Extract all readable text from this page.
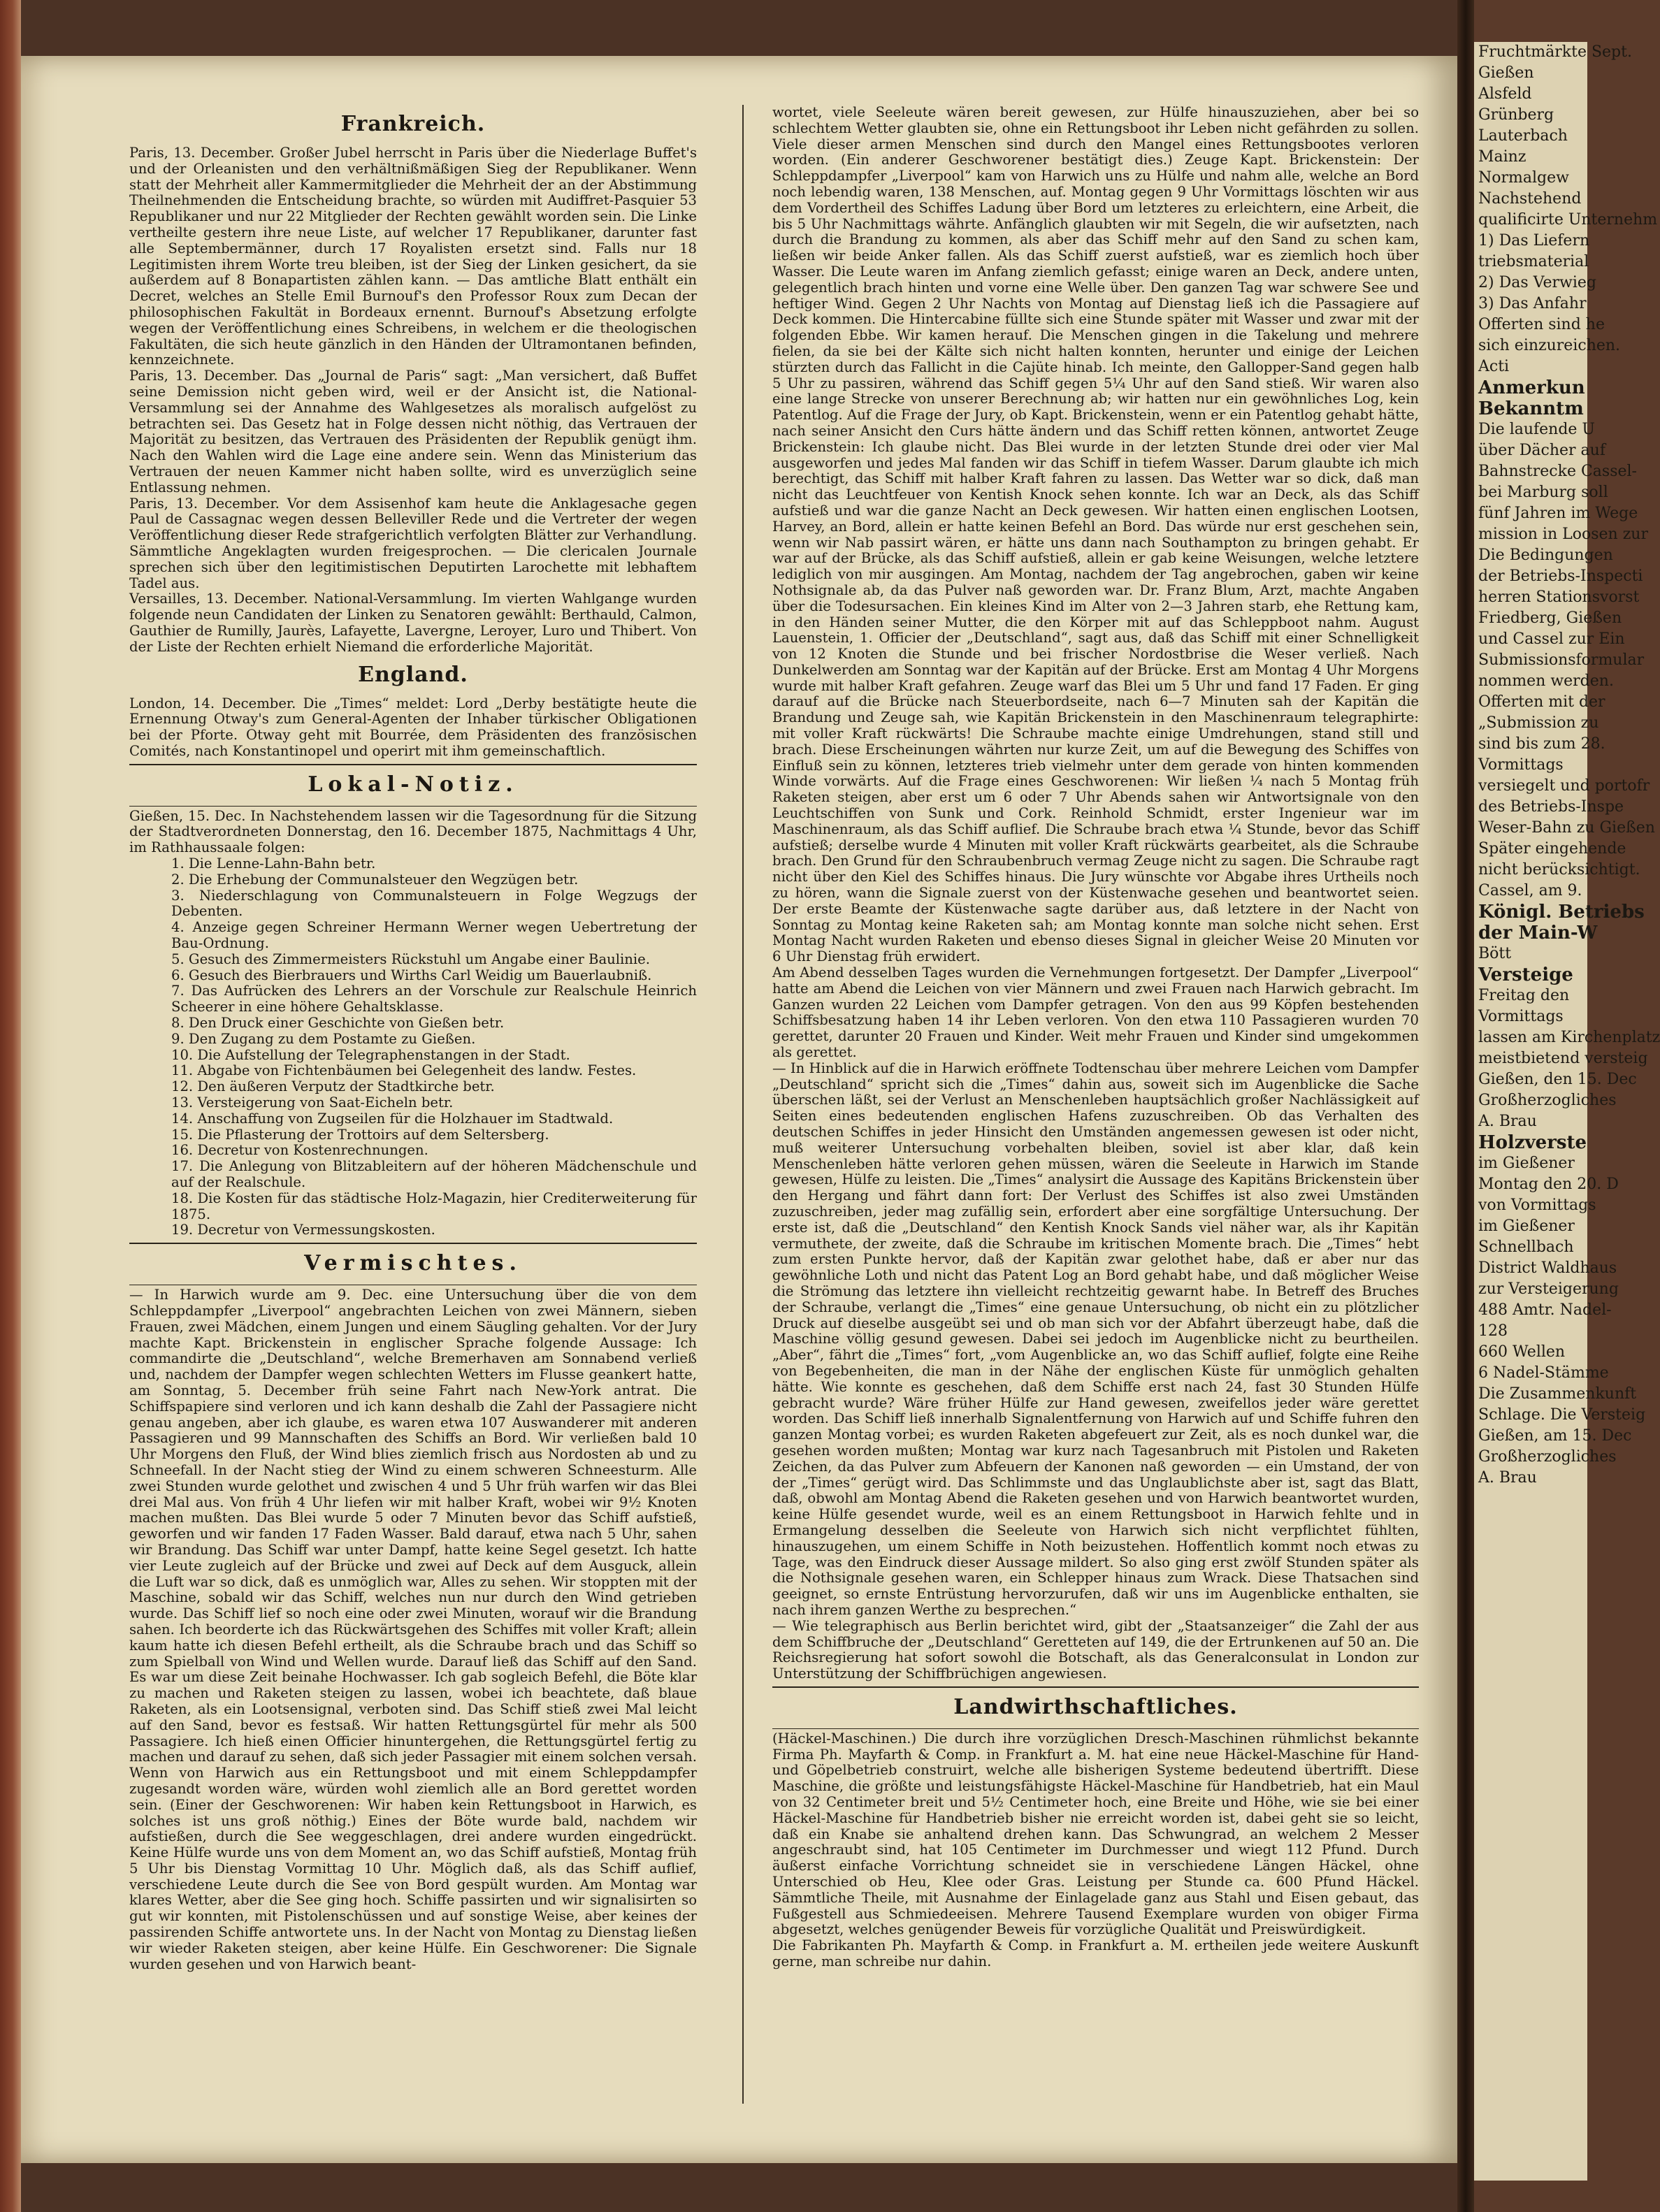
Frankreich.

Paris, 13. December. Großer Jubel herrscht in Paris über die Niederlage Buffet's und der Orleanisten und den verhältnißmäßigen Sieg der Republikaner. Wenn statt der Mehrheit aller Kammermitglieder die Mehrheit der an der Abstimmung Theilnehmenden die Entscheidung brachte, so würden mit Audiffret-Pasquier 53 Republikaner und nur 22 Mitglieder der Rechten gewählt worden sein. Die Linke vertheilte gestern ihre neue Liste, auf welcher 17 Republikaner, darunter fast alle Septembermänner, durch 17 Royalisten ersetzt sind. Falls nur 18 Legitimisten ihrem Worte treu bleiben, ist der Sieg der Linken gesichert, da sie außerdem auf 8 Bonapartisten zählen kann. — Das amtliche Blatt enthält ein Decret, welches an Stelle Emil Burnouf's den Professor Roux zum Decan der philosophischen Fakultät in Bordeaux ernennt. Burnouf's Absetzung erfolgte wegen der Veröffentlichung eines Schreibens, in welchem er die theologischen Fakultäten, die sich heute gänzlich in den Händen der Ultramontanen befinden, kennzeichnete.

Paris, 13. December. Das „Journal de Paris“ sagt: „Man versichert, daß Buffet seine Demission nicht geben wird, weil er der Ansicht ist, die National-Versammlung sei der Annahme des Wahlgesetzes als moralisch aufgelöst zu betrachten sei. Das Gesetz hat in Folge dessen nicht nöthig, das Vertrauen der Majorität zu besitzen, das Vertrauen des Präsidenten der Republik genügt ihm. Nach den Wahlen wird die Lage eine andere sein. Wenn das Ministerium das Vertrauen der neuen Kammer nicht haben sollte, wird es unverzüglich seine Entlassung nehmen.

Paris, 13. December. Vor dem Assisenhof kam heute die Anklagesache gegen Paul de Cassagnac wegen dessen Belleviller Rede und die Vertreter der wegen Veröffentlichung dieser Rede strafgerichtlich verfolgten Blätter zur Verhandlung. Sämmtliche Angeklagten wurden freigesprochen. — Die clericalen Journale sprechen sich über den legitimistischen Deputirten Larochette mit lebhaftem Tadel aus.

Versailles, 13. December. National-Versammlung. Im vierten Wahlgange wurden folgende neun Candidaten der Linken zu Senatoren gewählt: Berthauld, Calmon, Gauthier de Rumilly, Jaurès, Lafayette, Lavergne, Leroyer, Luro und Thibert. Von der Liste der Rechten erhielt Niemand die erforderliche Majorität.

England.

London, 14. December. Die „Times“ meldet: Lord „Derby bestätigte heute die Ernennung Otway's zum General-Agenten der Inhaber türkischer Obligationen bei der Pforte. Otway geht mit Bourrée, dem Präsidenten des französischen Comités, nach Konstantinopel und operirt mit ihm gemeinschaftlich.

Lokal-Notiz.

Gießen, 15. Dec. In Nachstehendem lassen wir die Tagesordnung für die Sitzung der Stadtverordneten Donnerstag, den 16. December 1875, Nachmittags 4 Uhr, im Rathhaussaale folgen:

1. Die Lenne-Lahn-Bahn betr.
2. Die Erhebung der Communalsteuer den Wegzügen betr.
3. Niederschlagung von Communalsteuern in Folge Wegzugs der Debenten.
4. Anzeige gegen Schreiner Hermann Werner wegen Uebertretung der Bau-Ordnung.
5. Gesuch des Zimmermeisters Rückstuhl um Angabe einer Baulinie.
6. Gesuch des Bierbrauers und Wirths Carl Weidig um Bauerlaubniß.
7. Das Aufrücken des Lehrers an der Vorschule zur Realschule Heinrich Scheerer in eine höhere Gehaltsklasse.
8. Den Druck einer Geschichte von Gießen betr.
9. Den Zugang zu dem Postamte zu Gießen.
10. Die Aufstellung der Telegraphenstangen in der Stadt.
11. Abgabe von Fichtenbäumen bei Gelegenheit des landw. Festes.
12. Den äußeren Verputz der Stadtkirche betr.
13. Versteigerung von Saat-Eicheln betr.
14. Anschaffung von Zugseilen für die Holzhauer im Stadtwald.
15. Die Pflasterung der Trottoirs auf dem Seltersberg.
16. Decretur von Kostenrechnungen.
17. Die Anlegung von Blitzableitern auf der höheren Mädchenschule und auf der Realschule.
18. Die Kosten für das städtische Holz-Magazin, hier Crediterweiterung für 1875.
19. Decretur von Vermessungskosten.
Vermischtes.

— In Harwich wurde am 9. Dec. eine Untersuchung über die von dem Schleppdampfer „Liverpool“ angebrachten Leichen von zwei Männern, sieben Frauen, zwei Mädchen, einem Jungen und einem Säugling gehalten. Vor der Jury machte Kapt. Brickenstein in englischer Sprache folgende Aussage: Ich commandirte die „Deutschland“, welche Bremerhaven am Sonnabend verließ und, nachdem der Dampfer wegen schlechten Wetters im Flusse geankert hatte, am Sonntag, 5. December früh seine Fahrt nach New-York antrat. Die Schiffspapiere sind verloren und ich kann deshalb die Zahl der Passagiere nicht genau angeben, aber ich glaube, es waren etwa 107 Auswanderer mit anderen Passagieren und 99 Mannschaften des Schiffs an Bord. Wir verließen bald 10 Uhr Morgens den Fluß, der Wind blies ziemlich frisch aus Nordosten ab und zu Schneefall. In der Nacht stieg der Wind zu einem schweren Schneesturm. Alle zwei Stunden wurde gelothet und zwischen 4 und 5 Uhr früh warfen wir das Blei drei Mal aus. Von früh 4 Uhr liefen wir mit halber Kraft, wobei wir 9½ Knoten machen mußten. Das Blei wurde 5 oder 7 Minuten bevor das Schiff aufstieß, geworfen und wir fanden 17 Faden Wasser. Bald darauf, etwa nach 5 Uhr, sahen wir Brandung. Das Schiff war unter Dampf, hatte keine Segel gesetzt. Ich hatte vier Leute zugleich auf der Brücke und zwei auf Deck auf dem Ausguck, allein die Luft war so dick, daß es unmöglich war, Alles zu sehen. Wir stoppten mit der Maschine, sobald wir das Schiff, welches nun nur durch den Wind getrieben wurde. Das Schiff lief so noch eine oder zwei Minuten, worauf wir die Brandung sahen. Ich beorderte ich das Rückwärtsgehen des Schiffes mit voller Kraft; allein kaum hatte ich diesen Befehl ertheilt, als die Schraube brach und das Schiff so zum Spielball von Wind und Wellen wurde. Darauf ließ das Schiff auf den Sand. Es war um diese Zeit beinahe Hochwasser. Ich gab sogleich Befehl, die Böte klar zu machen und Raketen steigen zu lassen, wobei ich beachtete, daß blaue Raketen, als ein Lootsensignal, verboten sind. Das Schiff stieß zwei Mal leicht auf den Sand, bevor es festsaß. Wir hatten Rettungsgürtel für mehr als 500 Passagiere. Ich hieß einen Officier hinuntergehen, die Rettungsgürtel fertig zu machen und darauf zu sehen, daß sich jeder Passagier mit einem solchen versah. Wenn von Harwich aus ein Rettungsboot und mit einem Schleppdampfer zugesandt worden wäre, würden wohl ziemlich alle an Bord gerettet worden sein. (Einer der Geschworenen: Wir haben kein Rettungsboot in Harwich, es solches ist uns groß nöthig.) Eines der Böte wurde bald, nachdem wir aufstießen, durch die See weggeschlagen, drei andere wurden eingedrückt. Keine Hülfe wurde uns von dem Moment an, wo das Schiff aufstieß, Montag früh 5 Uhr bis Dienstag Vormittag 10 Uhr. Möglich daß, als das Schiff auflief, verschiedene Leute durch die See von Bord gespült wurden. Am Montag war klares Wetter, aber die See ging hoch. Schiffe passirten und wir signalisirten so gut wir konnten, mit Pistolenschüssen und auf sonstige Weise, aber keines der passirenden Schiffe antwortete uns. In der Nacht von Montag zu Dienstag ließen wir wieder Raketen steigen, aber keine Hülfe. Ein Geschworener: Die Signale wurden gesehen und von Harwich beant-

wortet, viele Seeleute wären bereit gewesen, zur Hülfe hinauszuziehen, aber bei so schlechtem Wetter glaubten sie, ohne ein Rettungsboot ihr Leben nicht gefährden zu sollen. Viele dieser armen Menschen sind durch den Mangel eines Rettungsbootes verloren worden. (Ein anderer Geschworener bestätigt dies.) Zeuge Kapt. Brickenstein: Der Schleppdampfer „Liverpool“ kam von Harwich uns zu Hülfe und nahm alle, welche an Bord noch lebendig waren, 138 Menschen, auf. Montag gegen 9 Uhr Vormittags löschten wir aus dem Vordertheil des Schiffes Ladung über Bord um letzteres zu erleichtern, eine Arbeit, die bis 5 Uhr Nachmittags währte. Anfänglich glaubten wir mit Segeln, die wir aufsetzten, nach durch die Brandung zu kommen, als aber das Schiff mehr auf den Sand zu schen kam, ließen wir beide Anker fallen. Als das Schiff zuerst aufstieß, war es ziemlich hoch über Wasser. Die Leute waren im Anfang ziemlich gefasst; einige waren an Deck, andere unten, gelegentlich brach hinten und vorne eine Welle über. Den ganzen Tag war schwere See und heftiger Wind. Gegen 2 Uhr Nachts von Montag auf Dienstag ließ ich die Passagiere auf Deck kommen. Die Hintercabine füllte sich eine Stunde später mit Wasser und zwar mit der folgenden Ebbe. Wir kamen herauf. Die Menschen gingen in die Takelung und mehrere fielen, da sie bei der Kälte sich nicht halten konnten, herunter und einige der Leichen stürzten durch das Fallicht in die Cajüte hinab. Ich meinte, den Gallopper-Sand gegen halb 5 Uhr zu passiren, während das Schiff gegen 5¼ Uhr auf den Sand stieß. Wir waren also eine lange Strecke von unserer Berechnung ab; wir hatten nur ein gewöhnliches Log, kein Patentlog. Auf die Frage der Jury, ob Kapt. Brickenstein, wenn er ein Patentlog gehabt hätte, nach seiner Ansicht den Curs hätte ändern und das Schiff retten können, antwortet Zeuge Brickenstein: Ich glaube nicht. Das Blei wurde in der letzten Stunde drei oder vier Mal ausgeworfen und jedes Mal fanden wir das Schiff in tiefem Wasser. Darum glaubte ich mich berechtigt, das Schiff mit halber Kraft fahren zu lassen. Das Wetter war so dick, daß man nicht das Leuchtfeuer von Kentish Knock sehen konnte. Ich war an Deck, als das Schiff aufstieß und war die ganze Nacht an Deck gewesen. Wir hatten einen englischen Lootsen, Harvey, an Bord, allein er hatte keinen Befehl an Bord. Das würde nur erst geschehen sein, wenn wir Nab passirt wären, er hätte uns dann nach Southampton zu bringen gehabt. Er war auf der Brücke, als das Schiff aufstieß, allein er gab keine Weisungen, welche letztere lediglich von mir ausgingen. Am Montag, nachdem der Tag angebrochen, gaben wir keine Nothsignale ab, da das Pulver naß geworden war. Dr. Franz Blum, Arzt, machte Angaben über die Todesursachen. Ein kleines Kind im Alter von 2—3 Jahren starb, ehe Rettung kam, in den Händen seiner Mutter, die den Körper mit auf das Schleppboot nahm. August Lauenstein, 1. Officier der „Deutschland“, sagt aus, daß das Schiff mit einer Schnelligkeit von 12 Knoten die Stunde und bei frischer Nordostbrise die Weser verließ. Nach Dunkelwerden am Sonntag war der Kapitän auf der Brücke. Erst am Montag 4 Uhr Morgens wurde mit halber Kraft gefahren. Zeuge warf das Blei um 5 Uhr und fand 17 Faden. Er ging darauf auf die Brücke nach Steuerbordseite, nach 6—7 Minuten sah der Kapitän die Brandung und Zeuge sah, wie Kapitän Brickenstein in den Maschinenraum telegraphirte: mit voller Kraft rückwärts! Die Schraube machte einige Umdrehungen, stand still und brach. Diese Erscheinungen währten nur kurze Zeit, um auf die Bewegung des Schiffes von Einfluß sein zu können, letzteres trieb vielmehr unter dem gerade von hinten kommenden Winde vorwärts. Auf die Frage eines Geschworenen: Wir ließen ¼ nach 5 Montag früh Raketen steigen, aber erst um 6 oder 7 Uhr Abends sahen wir Antwortsignale von den Leuchtschiffen von Sunk und Cork. Reinhold Schmidt, erster Ingenieur war im Maschinenraum, als das Schiff auflief. Die Schraube brach etwa ¼ Stunde, bevor das Schiff aufstieß; derselbe wurde 4 Minuten mit voller Kraft rückwärts gearbeitet, als die Schraube brach. Den Grund für den Schraubenbruch vermag Zeuge nicht zu sagen. Die Schraube ragt nicht über den Kiel des Schiffes hinaus. Die Jury wünschte vor Abgabe ihres Urtheils noch zu hören, wann die Signale zuerst von der Küstenwache gesehen und beantwortet seien. Der erste Beamte der Küstenwache sagte darüber aus, daß letztere in der Nacht von Sonntag zu Montag keine Raketen sah; am Montag konnte man solche nicht sehen. Erst Montag Nacht wurden Raketen und ebenso dieses Signal in gleicher Weise 20 Minuten vor 6 Uhr Dienstag früh erwidert.

Am Abend desselben Tages wurden die Vernehmungen fortgesetzt. Der Dampfer „Liverpool“ hatte am Abend die Leichen von vier Männern und zwei Frauen nach Harwich gebracht. Im Ganzen wurden 22 Leichen vom Dampfer getragen. Von den aus 99 Köpfen bestehenden Schiffsbesatzung haben 14 ihr Leben verloren. Von den etwa 110 Passagieren wurden 70 gerettet, darunter 20 Frauen und Kinder. Weit mehr Frauen und Kinder sind umgekommen als gerettet.

— In Hinblick auf die in Harwich eröffnete Todtenschau über mehrere Leichen vom Dampfer „Deutschland“ spricht sich die „Times“ dahin aus, soweit sich im Augenblicke die Sache überschen läßt, sei der Verlust an Menschenleben hauptsächlich großer Nachlässigkeit auf Seiten eines bedeutenden englischen Hafens zuzuschreiben. Ob das Verhalten des deutschen Schiffes in jeder Hinsicht den Umständen angemessen gewesen ist oder nicht, muß weiterer Untersuchung vorbehalten bleiben, soviel ist aber klar, daß kein Menschenleben hätte verloren gehen müssen, wären die Seeleute in Harwich im Stande gewesen, Hülfe zu leisten. Die „Times“ analysirt die Aussage des Kapitäns Brickenstein über den Hergang und fährt dann fort: Der Verlust des Schiffes ist also zwei Umständen zuzuschreiben, jeder mag zufällig sein, erfordert aber eine sorgfältige Untersuchung. Der erste ist, daß die „Deutschland“ den Kentish Knock Sands viel näher war, als ihr Kapitän vermuthete, der zweite, daß die Schraube im kritischen Momente brach. Die „Times“ hebt zum ersten Punkte hervor, daß der Kapitän zwar gelothet habe, daß er aber nur das gewöhnliche Loth und nicht das Patent Log an Bord gehabt habe, und daß möglicher Weise die Strömung das letztere ihn vielleicht rechtzeitig gewarnt habe. In Betreff des Bruches der Schraube, verlangt die „Times“ eine genaue Untersuchung, ob nicht ein zu plötzlicher Druck auf dieselbe ausgeübt sei und ob man sich vor der Abfahrt überzeugt habe, daß die Maschine völlig gesund gewesen. Dabei sei jedoch im Augenblicke nicht zu beurtheilen. „Aber“, fährt die „Times“ fort, „vom Augenblicke an, wo das Schiff auflief, folgte eine Reihe von Begebenheiten, die man in der Nähe der englischen Küste für unmöglich gehalten hätte. Wie konnte es geschehen, daß dem Schiffe erst nach 24, fast 30 Stunden Hülfe gebracht wurde? Wäre früher Hülfe zur Hand gewesen, zweifellos jeder wäre gerettet worden. Das Schiff ließ innerhalb Signalentfernung von Harwich auf und Schiffe fuhren den ganzen Montag vorbei; es wurden Raketen abgefeuert zur Zeit, als es noch dunkel war, die gesehen worden mußten; Montag war kurz nach Tagesanbruch mit Pistolen und Raketen Zeichen, da das Pulver zum Abfeuern der Kanonen naß geworden — ein Umstand, der von der „Times“ gerügt wird. Das Schlimmste und das Unglaublichste aber ist, sagt das Blatt, daß, obwohl am Montag Abend die Raketen gesehen und von Harwich beantwortet wurden, keine Hülfe gesendet wurde, weil es an einem Rettungsboot in Harwich fehlte und in Ermangelung desselben die Seeleute von Harwich sich nicht verpflichtet fühlten, hinauszugehen, um einem Schiffe in Noth beizustehen. Hoffentlich kommt noch etwas zu Tage, was den Eindruck dieser Aussage mildert. So also ging erst zwölf Stunden später als die Nothsignale gesehen waren, ein Schlepper hinaus zum Wrack. Diese Thatsachen sind geeignet, so ernste Entrüstung hervorzurufen, daß wir uns im Augenblicke enthalten, sie nach ihrem ganzen Werthe zu besprechen.“

— Wie telegraphisch aus Berlin berichtet wird, gibt der „Staatsanzeiger“ die Zahl der aus dem Schiffbruche der „Deutschland“ Geretteten auf 149, die der Ertrunkenen auf 50 an. Die Reichsregierung hat sofort sowohl die Botschaft, als das Generalconsulat in London zur Unterstützung der Schiffbrüchigen angewiesen.

Landwirthschaftliches.

(Häckel-Maschinen.) Die durch ihre vorzüglichen Dresch-Maschinen rühmlichst bekannte Firma Ph. Mayfarth & Comp. in Frankfurt a. M. hat eine neue Häckel-Maschine für Hand- und Göpelbetrieb construirt, welche alle bisherigen Systeme bedeutend übertrifft. Diese Maschine, die größte und leistungsfähigste Häckel-Maschine für Handbetrieb, hat ein Maul von 32 Centimeter breit und 5½ Centimeter hoch, eine Breite und Höhe, wie sie bei einer Häckel-Maschine für Handbetrieb bisher nie erreicht worden ist, dabei geht sie so leicht, daß ein Knabe sie anhaltend drehen kann. Das Schwungrad, an welchem 2 Messer angeschraubt sind, hat 105 Centimeter im Durchmesser und wiegt 112 Pfund. Durch äußerst einfache Vorrichtung schneidet sie in verschiedene Längen Häckel, ohne Unterschied ob Heu, Klee oder Gras. Leistung per Stunde ca. 600 Pfund Häckel. Sämmtliche Theile, mit Ausnahme der Einlagelade ganz aus Stahl und Eisen gebaut, das Fußgestell aus Schmiedeeisen. Mehrere Tausend Exemplare wurden von obiger Firma abgesetzt, welches genügender Beweis für vorzügliche Qualität und Preiswürdigkeit.

Die Fabrikanten Ph. Mayfarth & Comp. in Frankfurt a. M. ertheilen jede weitere Auskunft gerne, man schreibe nur dahin.

Fruchtmärkte Sept.
Gießen
Alsfeld
Grünberg
Lauterbach
Mainz
Normalgew
Nachstehend
qualificirte Unternehm
1) Das Liefern
triebsmaterial
2) Das Verwieg
3) Das Anfahr
Offerten sind he
sich einzureichen.
Acti
Anmerkun
Bekanntm
Die laufende U
über Dächer auf
Bahnstrecke Cassel-
bei Marburg soll
fünf Jahren im Wege
mission in Loosen zur
Die Bedingungen
der Betriebs-Inspecti
herren Stationsvorst
Friedberg, Gießen
und Cassel zur Ein
Submissionsformular
nommen werden.
Offerten mit der
„Submission zu
sind bis zum 28.
Vormittags
versiegelt und portofr
des Betriebs-Inspe
Weser-Bahn zu Gießen
Später eingehende
nicht berücksichtigt.
Cassel, am 9.
Königl. Betriebs
der Main-W
Bött
Versteige
Freitag den
Vormittags
lassen am Kirchenplatz
meistbietend versteig
Gießen, den 15. Dec
Großherzogliches
A. Brau
Holzverste
im Gießener
Montag den 20. D
von Vormittags
im Gießener
Schnellbach
District Waldhaus
zur Versteigerung
488 Amtr. Nadel-
128
660 Wellen
6 Nadel-Stämme
Die Zusammenkunft
Schlage. Die Versteig
Gießen, am 15. Dec
Großherzogliches
A. Brau
